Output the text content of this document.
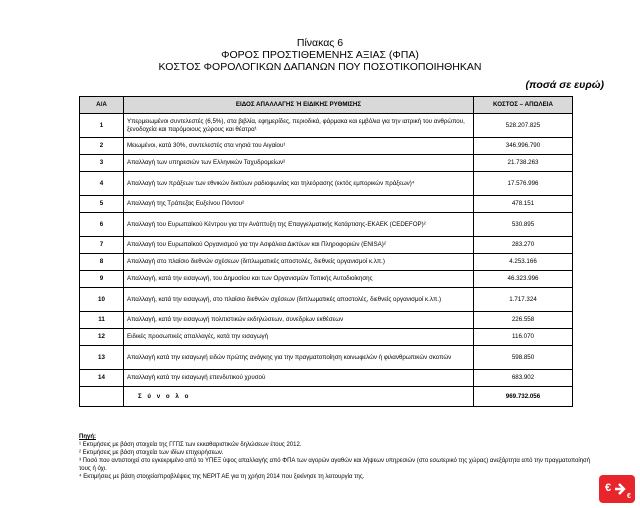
Πίνακας 6
ΦΟΡΟΣ ΠΡΟΣΤΙΘΕΜΕΝΗΣ ΑΞΙΑΣ (ΦΠΑ)
ΚΟΣΤΟΣ ΦΟΡΟΛΟΓΙΚΩΝ ΔΑΠΑΝΩΝ ΠΟΥ ΠΟΣΟΤΙΚΟΠΟΙΗΘΗΚΑΝ
(ποσά σε ευρώ)
Α/Α	ΕΙΔΟΣ ΑΠΑΛΛΑΓΗΣ Ή ΕΙΔΙΚΗΣ ΡΥΘΜΙΣΗΣ	ΚΟΣΤΟΣ – ΑΠΩΛΕΙΑ
1	Υπερμειωμένοι συντελεστές (6,5%), στα βιβλία, εφημερίδες, περιοδικά, φάρμακα και εμβόλια για την ιατρική του ανθρώπου, ξενοδοχεία και παρόμοιους χώρους και θέατρα¹	528.207.825
2	Μειωμένοι, κατά 30%, συντελεστές στα νησιά του Αιγαίου¹	346.996.790
3	Απαλλαγή των υπηρεσιών των Ελληνικών Ταχυδρομείων²	21.738.263
4	Απαλλαγή των πράξεων των εθνικών δικτύων ραδιοφωνίας και τηλεόρασης (εκτός εμπορικών πράξεων)⁴	17.576.996
5	Απαλλαγή της Τράπεζας Ευξείνου Πόντου²	478.151
6	Απαλλαγή του Ευρωπαϊκού Κέντρου για την Ανάπτυξη της Επαγγελματικής Κατάρτισης-ΕΚΑΕΚ (CEDEFOP)²	530.895
7	Απαλλαγή του Ευρωπαϊκού Οργανισμού για την Ασφάλεια Δικτύων και Πληροφοριών (ENISA)²	283.270
8	Απαλλαγή στο πλαίσιο διεθνών σχέσεων (διπλωματικές αποστολές, διεθνείς οργανισμοί κ.λπ.)	4.253.166
9	Απαλλαγή, κατά την εισαγωγή, του Δημοσίου και των Οργανισμών Τοπικής Αυτοδιοίκησης	46.323.996
10	Απαλλαγή, κατά την εισαγωγή, στο πλαίσιο διεθνών σχέσεων (διπλωματικές αποστολές, διεθνείς οργανισμοί κ.λπ.)	1.717.324
11	Απαλλαγή, κατά την εισαγωγή πολιτιστικών εκδηλώσεων, συνεδρίων εκθέσεων	226.558
12	Ειδικές προσωπικές απαλλαγές, κατά την εισαγωγή	116.070
13	Απαλλαγή κατά την εισαγωγή ειδών πρώτης ανάγκης για την πραγματοποίηση κοινωφελών ή φιλανθρωπικών σκοπών	598.850
14	Απαλλαγή κατά την εισαγωγή επενδυτικού χρυσού	683.902
	Σ ύ ν ο λ ο	969.732.056
Πηγή:
¹ Εκτιμήσεις με βάση στοιχεία της ΓΓΠΣ των εκκαθαριστικών δηλώσεων έτους 2012.
² Εκτιμήσεις με βάση στοιχεία των ιδίων επιχειρήσεων.
³ Ποσό που αντιστοιχεί στο εγκεκριμένο από το ΥΠΕΞ ύψος απαλλαγής από ΦΠΑ των αγορών αγαθών και λήψεων υπηρεσιών (στο εσωτερικό της χώρας) ανεξάρτητα από την πραγματοποίησή τους ή όχι.
⁴ Εκτιμήσεις με βάση στοιχεία/προβλέψεις της ΝΕΡΙΤ ΑΕ για τη χρήση 2014 που ξεκίνησε τη λειτουργία της.
€
€
